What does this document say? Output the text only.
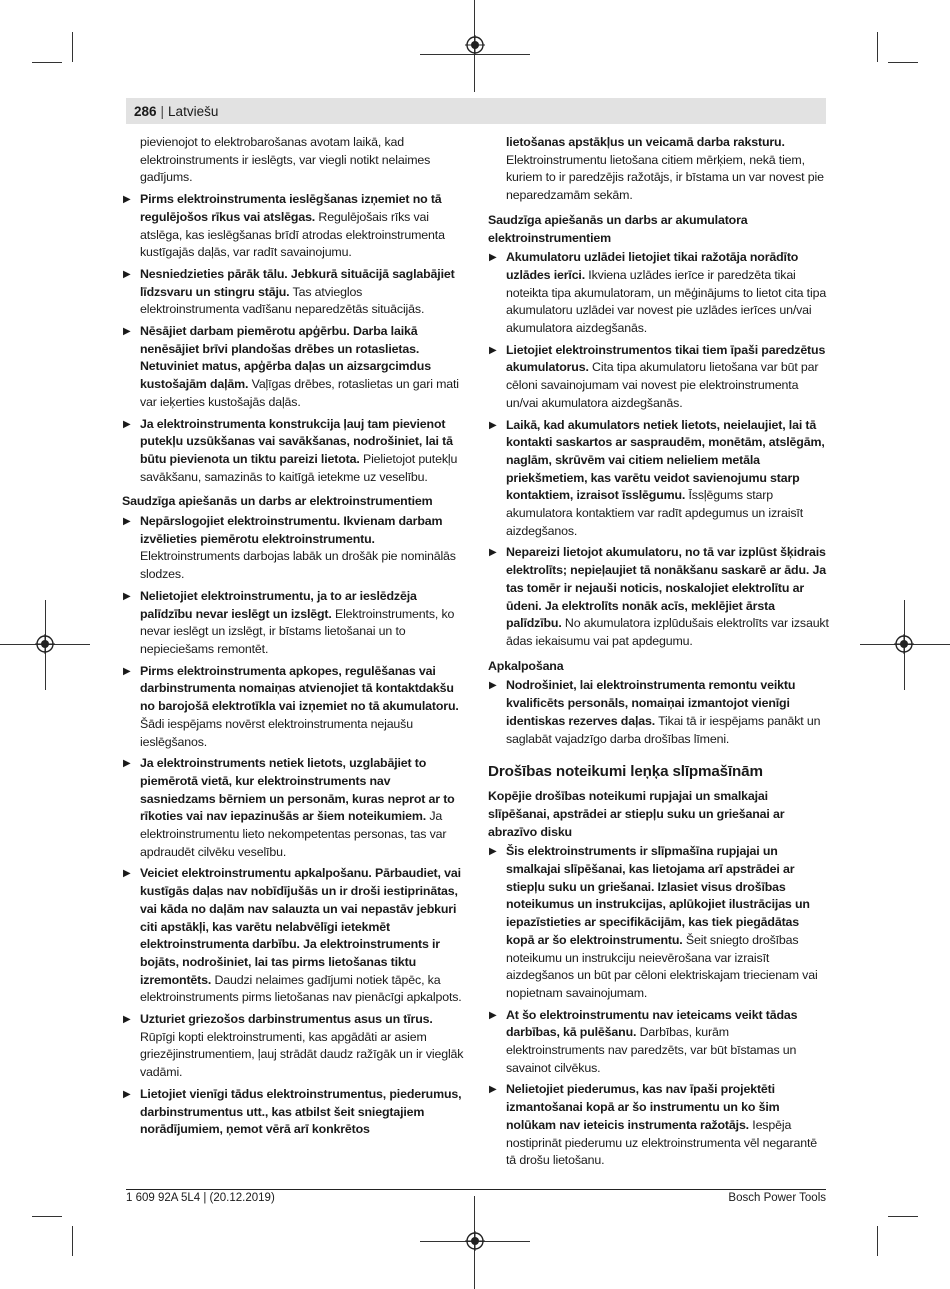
286 | Latviešu

pievienojot to elektrobarošanas avotam laikā, kad elektroinstruments ir ieslēgts, var viegli notikt nelaimes gadījums.

▶ Pirms elektroinstrumenta ieslēgšanas izņemiet no tā regulējošos rīkus vai atslēgas. Regulējošais rīks vai atslēga, kas ieslēgšanas brīdī atrodas elektroinstrumenta kustīgajās daļās, var radīt savainojumu.
▶ Nesniedzieties pārāk tālu. Jebkurā situācijā saglabājiet līdzsvaru un stingru stāju. Tas atvieglos elektroinstrumenta vadīšanu neparedzētās situācijās.
▶ Nēsājiet darbam piemērotu apģērbu. Darba laikā nenēsājiet brīvi plandošas drēbes un rotaslietas. Netuviniet matus, apģērba daļas un aizsargcimdus kustošajām daļām. Vaļīgas drēbes, rotaslietas un gari mati var ieķerties kustošajās daļās.
▶ Ja elektroinstrumenta konstrukcija ļauj tam pievienot putekļu uzsūkšanas vai savākšanas, nodrošiniet, lai tā būtu pievienota un tiktu pareizi lietota. Pielietojot putekļu savākšanu, samazinās to kaitīgā ietekme uz veselību.
Saudzīga apiešanās un darbs ar elektroinstrumentiem
▶ Nepārslogojiet elektroinstrumentu. Ikvienam darbam izvēlieties piemērotu elektroinstrumentu. Elektroinstruments darbojas labāk un drošāk pie nominālās slodzes.
▶ Nelietojiet elektroinstrumentu, ja to ar ieslēdzēja palīdzību nevar ieslēgt un izslēgt. Elektroinstruments, ko nevar ieslēgt un izslēgt, ir bīstams lietošanai un to nepieciešams remontēt.
▶ Pirms elektroinstrumenta apkopes, regulēšanas vai darbinstrumenta nomaiņas atvienojiet tā kontaktdakšu no barojošā elektrotīkla vai izņemiet no tā akumulatoru. Šādi iespējams novērst elektroinstrumenta nejaušu ieslēgšanos.
▶ Ja elektroinstruments netiek lietots, uzglabājiet to piemērotā vietā, kur elektroinstruments nav sasniedzams bērniem un personām, kuras neprot ar to rīkoties vai nav iepazinušās ar šiem noteikumiem. Ja elektroinstrumentu lieto nekompetentas personas, tas var apdraudēt cilvēku veselību.
▶ Veiciet elektroinstrumentu apkalpošanu. Pārbaudiet, vai kustīgās daļas nav nobīdījušās un ir droši iestiprinātas, vai kāda no daļām nav salauzta un vai nepastāv jebkuri citi apstākļi, kas varētu nelabvēlīgi ietekmēt elektroinstrumenta darbību. Ja elektroinstruments ir bojāts, nodrošiniet, lai tas pirms lietošanas tiktu izremontēts. Daudzi nelaimes gadījumi notiek tāpēc, ka elektroinstruments pirms lietošanas nav pienācīgi apkalpots.
▶ Uzturiet griezošos darbinstrumentus asus un tīrus. Rūpīgi kopti elektroinstrumenti, kas apgādāti ar asiem griezējinstrumentiem, ļauj strādāt daudz ražīgāk un ir vieglāk vadāmi.
▶ Lietojiet vienīgi tādus elektroinstrumentus, piederumus, darbinstrumentus utt., kas atbilst šeit sniegtajiem norādījumiem, ņemot vērā arī konkrētos

lietošanas apstākļus un veicamā darba raksturu. Elektroinstrumentu lietošana citiem mērķiem, nekā tiem, kuriem to ir paredzējis ražotājs, ir bīstama un var novest pie neparedzamām sekām.

Saudzīga apiešanās un darbs ar akumulatora elektroinstrumentiem
▶ Akumulatoru uzlādei lietojiet tikai ražotāja norādīto uzlādes ierīci. Ikviena uzlādes ierīce ir paredzēta tikai noteikta tipa akumulatoram, un mēģinājums to lietot cita tipa akumulatoru uzlādei var novest pie uzlādes ierīces un/vai akumulatora aizdegšanās.
▶ Lietojiet elektroinstrumentos tikai tiem īpaši paredzētus akumulatorus. Cita tipa akumulatoru lietošana var būt par cēloni savainojumam vai novest pie elektroinstrumenta un/vai akumulatora aizdegšanās.
▶ Laikā, kad akumulators netiek lietots, neielaujiet, lai tā kontakti saskartos ar saspraudēm, monētām, atslēgām, naglām, skrūvēm vai citiem nelieliem metāla priekšmetiem, kas varētu veidot savienojumu starp kontaktiem, izraisot īsslēgumu. Īssļēgums starp akumulatora kontaktiem var radīt apdegumus un izraisīt aizdegšanos.
▶ Nepareizi lietojot akumulatoru, no tā var izplūst šķidrais elektrolīts; nepieļaujiet tā nonākšanu saskarē ar ādu. Ja tas tomēr ir nejauši noticis, noskalojiet elektrolītu ar ūdeni. Ja elektrolīts nonāk acīs, meklējiet ārsta palīdzību. No akumulatora izplūdušais elektrolīts var izsaukt ādas iekaisumu vai pat apdegumu.
Apkalpošana
▶ Nodrošiniet, lai elektroinstrumenta remontu veiktu kvalificēts personāls, nomaiņai izmantojot vienīgi identiskas rezerves daļas. Tikai tā ir iespējams panākt un saglabāt vajadzīgo darba drošības līmeni.
Drošības noteikumi leņķa slīpmašīnām
Kopējie drošības noteikumi rupjajai un smalkajai slīpēšanai, apstrādei ar stiepļu suku un griešanai ar abrazīvo disku
▶ Šis elektroinstruments ir slīpmašīna rupjajai un smalkajai slīpēšanai, kas lietojama arī apstrādei ar stiepļu suku un griešanai. Izlasiet visus drošības noteikumus un instrukcijas, aplūkojiet ilustrācijas un iepazīstieties ar specifikācijām, kas tiek piegādātas kopā ar šo elektroinstrumentu. Šeit sniegto drošības noteikumu un instrukciju neievērošana var izraisīt aizdegšanos un būt par cēloni elektriskajam triecienam vai nopietnam savainojumam.
▶ At šo elektroinstrumentu nav ieteicams veikt tādas darbības, kā pulēšanu. Darbības, kurām elektroinstruments nav paredzēts, var būt bīstamas un savainot cilvēkus.
▶ Nelietojiet piederumus, kas nav īpaši projektēti izmantošanai kopā ar šo instrumentu un ko šim nolūkam nav ieteicis instrumenta ražotājs. Iespēja nostiprināt piederumu uz elektroinstrumenta vēl negarantē tā drošu lietošanu.
1 609 92A 5L4 | (20.12.2019)	Bosch Power Tools
